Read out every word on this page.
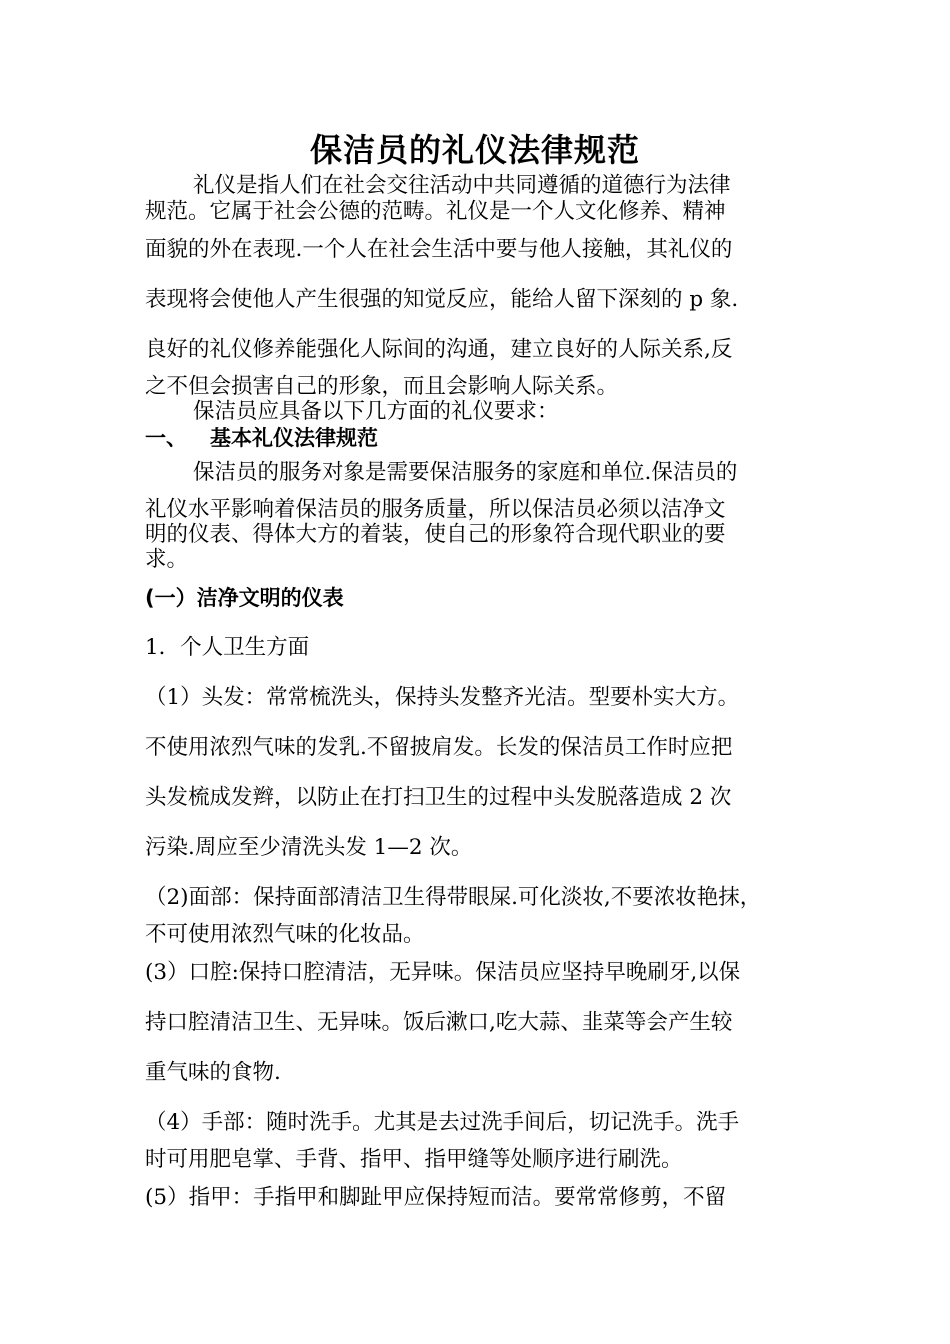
保洁员的礼仪法律规范
礼仪是指人们在社会交往活动中共同遵循的道德行为法律
规范。它属于社会公德的范畴。礼仪是一个人文化修养、精神
面貌的外在表现.一个人在社会生活中要与他人接触，其礼仪的
表现将会使他人产生很强的知觉反应，能给人留下深刻的 p 象.
良好的礼仪修养能强化人际间的沟通，建立良好的人际关系,反
之不但会损害自己的形象，而且会影响人际关系。
保洁员应具备以下几方面的礼仪要求：
一、 基本礼仪法律规范
保洁员的服务对象是需要保洁服务的家庭和单位.保洁员的
礼仪水平影响着保洁员的服务质量，所以保洁员必须以洁净文
明的仪表、得体大方的着装，使自己的形象符合现代职业的要
求。
(一）洁净文明的仪表
1．个人卫生方面
（1）头发：常常梳洗头，保持头发整齐光洁。型要朴实大方。
不使用浓烈气味的发乳.不留披肩发。长发的保洁员工作时应把
头发梳成发辫，以防止在打扫卫生的过程中头发脱落造成 2 次
污染.周应至少清洗头发 1—2 次。
（2)面部：保持面部清洁卫生得带眼屎.可化淡妆,不要浓妆艳抹，
不可使用浓烈气味的化妆品。
(3）口腔:保持口腔清洁，无异味。保洁员应坚持早晚刷牙,以保
持口腔清洁卫生、无异味。饭后漱口,吃大蒜、韭菜等会产生较
重气味的食物.
（4）手部：随时洗手。尤其是去过洗手间后，切记洗手。洗手
时可用肥皂掌、手背、指甲、指甲缝等处顺序进行刷洗。
(5）指甲：手指甲和脚趾甲应保持短而洁。要常常修剪，不留
